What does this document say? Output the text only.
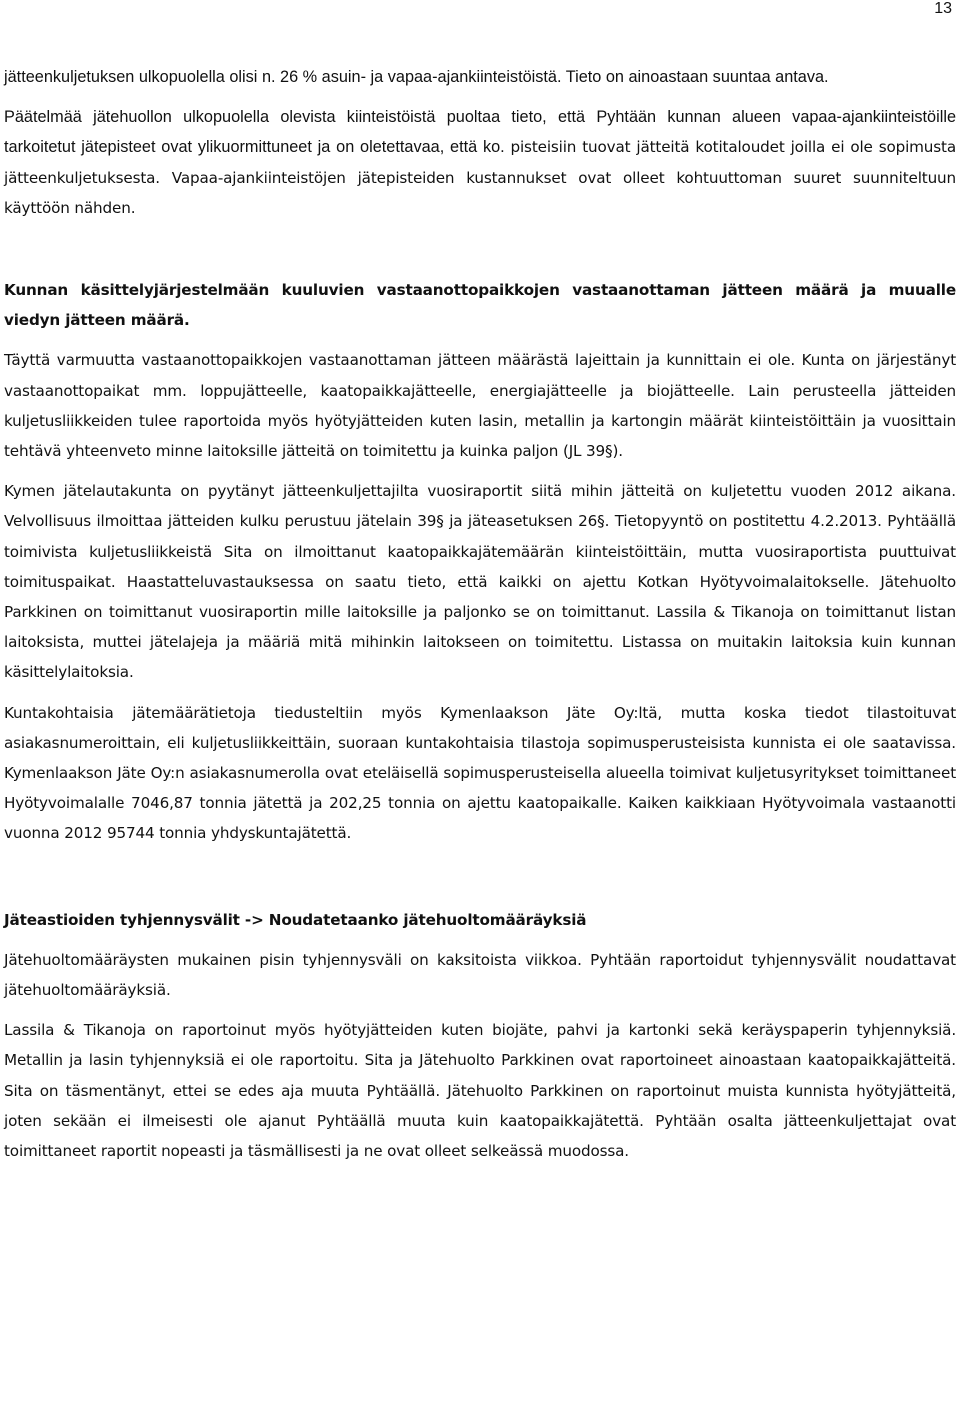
13

jätteenkuljetuksen ulkopuolella olisi n. 26 % asuin- ja vapaa-ajankiinteistöistä. Tieto on ainoastaan suuntaa antava.

Päätelmää jätehuollon ulkopuolella olevista kiinteistöistä puoltaa tieto, että Pyhtään kunnan alueen vapaa-ajankiinteistöille tarkoitetut jätepisteet ovat ylikuormittuneet ja on oletettavaa, että ko. pisteisiin tuovat jätteitä kotitaloudet joilla ei ole sopimusta jätteenkuljetuksesta. Vapaa-ajankiinteistöjen jätepisteiden kustannukset ovat olleet kohtuuttoman suuret suunniteltuun käyttöön nähden.

Kunnan käsittelyjärjestelmään kuuluvien vastaanottopaikkojen vastaanottaman jätteen määrä ja muualle viedyn jätteen määrä.

Täyttä varmuutta vastaanottopaikkojen vastaanottaman jätteen määrästä lajeittain ja kunnittain ei ole. Kunta on järjestänyt vastaanottopaikat mm. loppujätteelle, kaatopaikkajätteelle, energiajätteelle ja biojätteelle. Lain perusteella jätteiden kuljetusliikkeiden tulee raportoida myös hyötyjätteiden kuten lasin, metallin ja kartongin määrät kiinteistöittäin ja vuosittain tehtävä yhteenveto minne laitoksille jätteitä on toimitettu ja kuinka paljon (JL 39§).

Kymen jätelautakunta on pyytänyt jätteenkuljettajilta vuosiraportit siitä mihin jätteitä on kuljetettu vuoden 2012 aikana. Velvollisuus ilmoittaa jätteiden kulku perustuu jätelain 39§ ja jäteasetuksen 26§. Tietopyyntö on postitettu 4.2.2013. Pyhtäällä toimivista kuljetusliikkeistä Sita on ilmoittanut kaatopaikkajätemäärän kiinteistöittäin, mutta vuosiraportista puuttuivat toimituspaikat. Haastatteluvastauksessa on saatu tieto, että kaikki on ajettu Kotkan Hyötyvoimalaitokselle. Jätehuolto Parkkinen on toimittanut vuosiraportin mille laitoksille ja paljonko se on toimittanut. Lassila & Tikanoja on toimittanut listan laitoksista, muttei jätelajeja ja määriä mitä mihinkin laitokseen on toimitettu. Listassa on muitakin laitoksia kuin kunnan käsittelylaitoksia.

Kuntakohtaisia jätemäärätietoja tiedusteltiin myös Kymenlaakson Jäte Oy:ltä, mutta koska tiedot tilastoituvat asiakasnumeroittain, eli kuljetusliikkeittäin, suoraan kuntakohtaisia tilastoja sopimusperusteisista kunnista ei ole saatavissa. Kymenlaakson Jäte Oy:n asiakasnumerolla ovat eteläisellä sopimusperusteisella alueella toimivat kuljetusyritykset toimittaneet Hyötyvoimalalle 7046,87 tonnia jätettä ja 202,25 tonnia on ajettu kaatopaikalle. Kaiken kaikkiaan Hyötyvoimala vastaanotti vuonna 2012 95744 tonnia yhdyskuntajätettä.

Jäteastioiden tyhjennysvälit -> Noudatetaanko jätehuoltomääräyksiä

Jätehuoltomääräysten mukainen pisin tyhjennysväli on kaksitoista viikkoa. Pyhtään raportoidut tyhjennysvälit noudattavat jätehuoltomääräyksiä.

Lassila & Tikanoja on raportoinut myös hyötyjätteiden kuten biojäte, pahvi ja kartonki sekä keräyspaperin tyhjennyksiä. Metallin ja lasin tyhjennyksiä ei ole raportoitu. Sita ja Jätehuolto Parkkinen ovat raportoineet ainoastaan kaatopaikkajätteitä. Sita on täsmentänyt, ettei se edes aja muuta Pyhtäällä. Jätehuolto Parkkinen on raportoinut muista kunnista hyötyjätteitä, joten sekään ei ilmeisesti ole ajanut Pyhtäällä muuta kuin kaatopaikkajätettä. Pyhtään osalta jätteenkuljettajat ovat toimittaneet raportit nopeasti ja täsmällisesti ja ne ovat olleet selkeässä muodossa.
